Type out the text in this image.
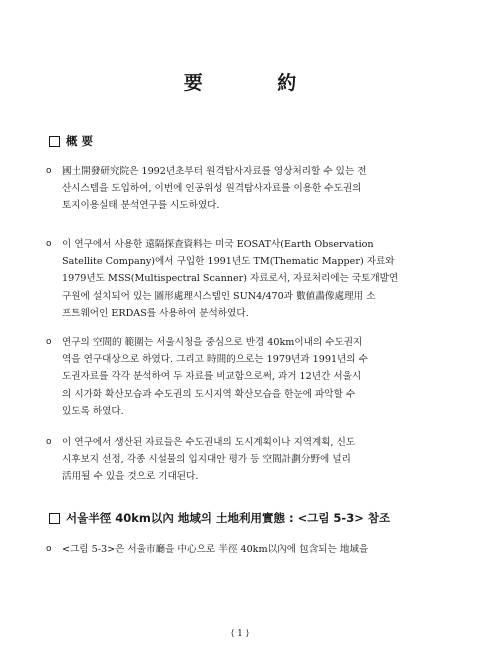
要 約
概 要
o 國土開發研究院은 1992년초부터 원격탐사자료를 영상처리할 수 있는 전
산시스템을 도입하여, 이번에 인공위성 원격탐사자료를 이용한 수도권의
토지이용실태 분석연구를 시도하였다.
o 이 연구에서 사용한 遠隔探査資料는 미국 EOSAT사(Earth Observation
Satellite Company)에서 구입한 1991년도 TM(Thematic Mapper) 자료와
1979년도 MSS(Multispectral Scanner) 자료로서, 자료처리에는 국토개발연
구원에 설치되어 있는 圖形處理시스템인 SUN4/470과 數値畵像處理用 소
프트웨어인 ERDAS를 사용하여 분석하였다.
o 연구의 空間的 範圍는 서울시청을 중심으로 반경 40km이내의 수도권지
역을 연구대상으로 하였다. 그리고 時間的으로는 1979년과 1991년의 수
도권자료를 각각 분석하여 두 자료를 비교함으로써, 과거 12년간 서울시
의 시가화 확산모습과 수도권의 도시지역 확산모습을 한눈에 파악할 수
있도록 하였다.
o 이 연구에서 생산된 자료들은 수도권내의 도시계획이나 지역계획, 신도
시후보지 선정, 각종 시설물의 입지대안 평가 등 空間計劃分野에 널리
活用될 수 있을 것으로 기대된다.
서울半徑 40km以內 地域의 土地利用實態 : <그림 5-3> 참조
o <그림 5-3>은 서울市廳을 中心으로 半徑 40km以內에 包含되는 地域을
⟨ 1 ⟩
